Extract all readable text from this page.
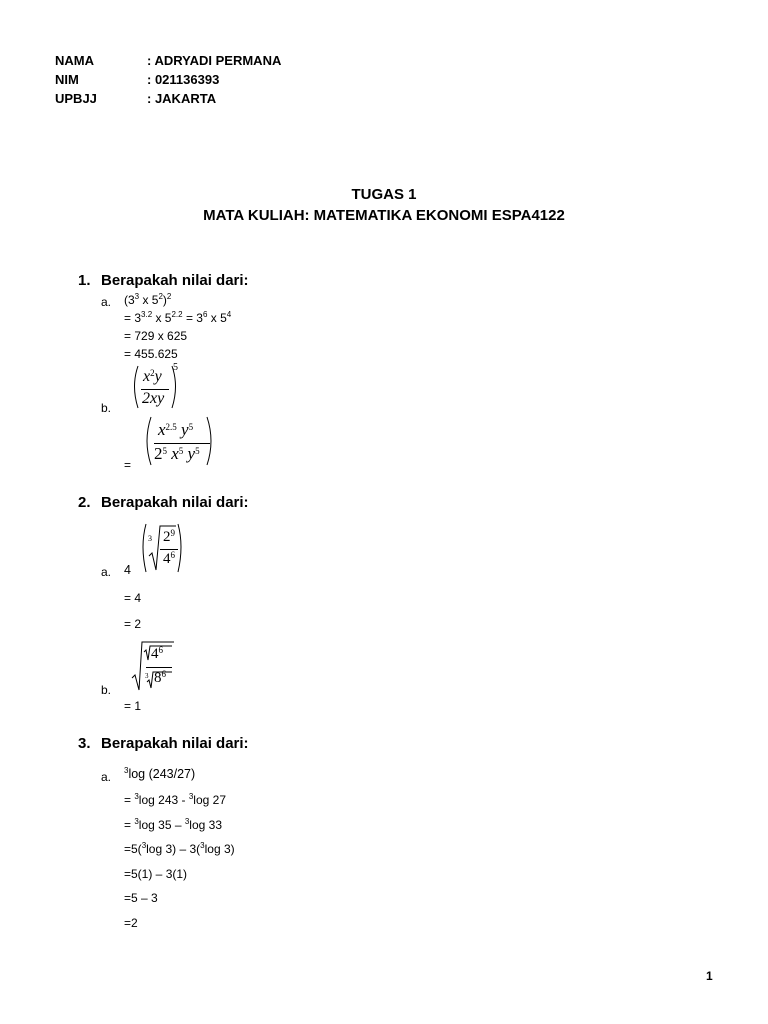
NAMA	: ADRYADI PERMANA
NIM	: 021136393
UPBJJ	: JAKARTA
TUGAS 1
MATA KULIAH: MATEMATIKA EKONOMI ESPA4122
1. Berapakah nilai dari:
a. ($3^3$ x $5^2)^2$
= $3^{3.2}$ x $5^{2.2} = 3^6$ x $5^4$
= 729 x 625
= 455.625
b.
$x^2y$
2xy
5
=
$x^{2.5}$ $y^5$
$2^5$ $x^5$ $y^5$
2. Berapakah nilai dari:
a. 4
3 $2^9$
$4^6$
= 4
= 2
b.
$4^6$
3 $8^6$
= 1
3. Berapakah nilai dari:
a. $^3$log (243/27)
= $^3$log 243 - $^3$log 27
= $^3$log 35 – $^3$log 33
=5($^3$log 3) – 3($^3$log 3)
=5(1) – 3(1)
=5 – 3
=2
1
